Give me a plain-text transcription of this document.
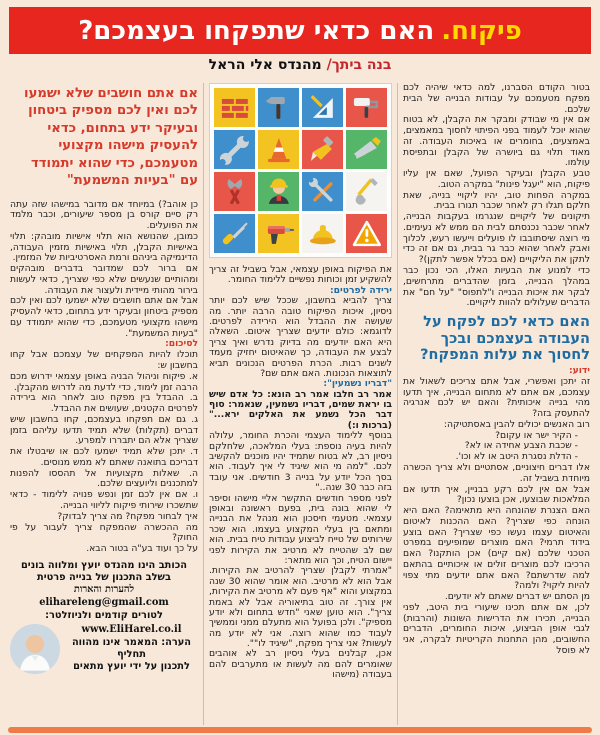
פיקוח.
האם כדאי שתפקחו בעצמכם?
בנה ביתך/ מהנדס אלי הראל

בטור הקודם הסברנו, למה כדאי שיהיה לכם מפקח מטעמכם על עבודות הבנייה של הבית שלכם.

אם אין מי שבודק ומבקר את הקבלן, לא בטוח שהוא יוכל לעמוד בפני הפיתוי לחסוך במאמצים, באמצעים, בחומרים או באיכות העבודה. זה מאוד תלוי גם ביושרה של הקבלן ובתפיסת עולמו.

טבע הקבלן ובעיקר הפועל, שאם אין עליו פיקוח, הוא "יעגל פינות" במקרה הטוב.

במקרה הפחות טוב, יהיו ליקויי בנייה, שאת חלקם תגלו רק לאחר שכבר תגורו בבית.

תיקונים של ליקויים שנגרמו בעקבות הבנייה, לאחר שכבר נכנסתם לבית הם ממש לא נעימים. מי רוצה שיסתובבו לו פועלים וייעשו רעש, לכלוך ואבק לאחר שהוא כבר גר בבית, גם אם זה כדי לתקן את הליקויים (אם בכלל אפשר לתקן)?

כדי למנוע את הבעיות האלו, הכי נכון כבר במהלך הבנייה, בזמן שהדברים מתרחשים, לבקר את איכות הבנייה ו"לתפוס" "על חם" את הדברים שעלולים להוות ליקויים.

האם כדאי לכם לפקח על העבודה בעצמכם ובכך לחסוך את עלות המפקח?

ידוע:

זה יתכן ואפשרי, אבל אתם צריכים לשאול את עצמכם, אם אתם לא מתחום הבנייה, איך תדעו מהי בנייה איכותית? והאם יש לכם אנרגיה להתעסק בזה?

רוב האנשים יכולים להבין באסתטיקה:

- הקיר ישר או עקום?

- שכבת הצבע אחידה או לא?

- הדלת נסגרת היטב או לא וכו'.

אלו דברים חיצוניים, אסתטיים ולא צריך הכשרה מיוחדת בשביל זה.

אבל אם אין לכם רקע בבניין, איך תדעו אם המלאכות שבוצעו, אכן בוצעו נכון?

האם הצנרת שהונחה היא מתאימה? האם היא הונחה כפי שצריך? האם ההכנות לאיטום והאיטום עצמו נעשו כפי שצריך? האם בוצע בידוד תרמי? האם מוצרים שמופיעים במפרט הטכני שלכם (אם קיים) אכן הותקנו? האם הרכיבו לכם מוצרים זולים או איכותיים בהתאם למה שדרשתם? האם אתם יודעים מתי צפוי להיות ליקוי? ולמה?

מן הסתם יש דברים שאתם לא יודעים.

לכן, אם אתם תכינו שיעורי בית היטב, לפני הבנייה, תכירו את הדרישות השונות (והרבות) לגבי אופן הביצוע, איכות החומרים, הדברים החשובים, מהן התחנות הקריטיות לבקרה, אני לא פוסל

את הפיקוח באופן עצמאי, אבל בשביל זה צריך להשקיע זמן וכוחות נפשיים ללימוד החומר.

ירידה לפרטים:

צריך להביא בחשבון, שככל שיש לכם יותר ניסיון, איכות הפיקוח טובה הרבה יותר. מה שעושה את ההבדל הוא הירידה לפרטים. לדוגמא: כולם יודעים שצריך איטום. השאלה היא האם יודעים מה בדיוק נדרש ואיך צריך לבצע את העבודה, כך שהאיטום יחזיק מעמד לשנים רבות. הכרת הפרטים הנכונים תביא לתוצאות הנכונות. האם אתם שם?

"דבריו נשמעין":

אמר רב חלבו אמר רב הונא: כל אדם שיש בו יראת שמים, דבריו נשמעין, שנאמר: סוף דבר הכל נשמע את האלקים ירא..." (ברכות ו:)

בנוסף ללימוד העצמי והכרת החומר, עלולה להיות בעיה נוספת: בעלי המלאכה, שלחלקם ניסיון רב, לא בטוח שתמיד יהיו מוכנים להקשיב לכם. "למה מי הוא שיגיד לי איך לעבוד. הוא בסך הכל יודע על בנייה 3 חודשים. אני עובד בזה כבר 30 שנה.."

לפני מספר חודשים התקשר אליי מישהו וסיפר לי שהוא בונה בית, בפעם ראשונה ובאופן עצמאי. מטעמי חיסכון הוא מנהל את הבנייה ומתאם בין בעלי המקצוע בעצמו. הוא שכר שירותים של טייח לביצוע עבודות טיח בבית. הוא שם לב שהטייח לא מרטיב את הקירות לפני יישום הטיח, וכך הוא מתאר:

"אמרתי לקבלן שצריך להרטיב את הקירות. אבל הוא לא מרטיב. הוא אומר שהוא 30 שנה במקצוע והוא "אף פעם לא מרטיב את הקירות, אין צורך. זה טוב בתיאוריה אבל לא באמת צריך". הוא טוען שאני "חדש בתחום ולא יודע מספיק". ולכן בפועל הוא מתעלם ממני וממשיך לעבוד כמו שהוא רוצה. אני לא יודע מה לעשות? אני צריך מפקח, "שיגיד לו"".

אכן, קבלנים בעלי ניסיון רב לא אוהבים שאומרים להם מה לעשות או מתערבים להם בעבודה (מישהו

אם אתם חושבים שלא ישמעו לכם ואין לכם מספיק ביטחון ובעיקר ידע בתחום, כדאי להעסיק מישהו מקצועי מטעמכם, כדי שהוא יתמודד עם "בעיות המשמעת"

כן אוהב?) במיוחד אם מדובר במישהו שזה עתה רק סיים קורס בן מספר שיעורים, וכבר מלמד את הפועלים.

כמובן, שהנושא הוא תלוי אישיות מובהק: תלוי באישיות הקבלן, תלוי באישיות מזמין העבודה, הדינמיקה ביניהם ורמת האסרטיביות של המזמין.

אם ברור לכם שמדובר בדברים מובהקים ומהותיים שנעשים שלא כפי שצריך, כדאי לעשות בירור מהותי מיידית ולעצור את העבודה.

אבל אם אתם חושבים שלא ישמעו לכם ואין לכם מספיק ביטחון ובעיקר ידע בתחום, כדאי להעסיק מישהו מקצועי מטעמכם, כדי שהוא יתמודד עם "בעיות המשמעת".

לסיכום:

תוכלו להיות המפקחים של עצמכם אבל קחו בחשבון ש:

א. פיקוח וניהול הבניה באופן עצמאי ידרוש מכם הרבה זמן לימוד, כדי לדעת מה לדרוש מהקבלן.

ב. ההבדל בין מפקח טוב לאחר הוא בירידה לפרטים הקטנים, שעושים את ההבדל.

ג. גם אם תפקחו בעצמכם, קחו בחשבון שיש דברים (תקלות) שלא תמיד תדעו עליהם בזמן שצריך אלא הם יתבררו למפרע.

ד. יתכן שלא תמיד ישמעו לכם או שיבטלו את דבריכם בתואנה שאתם לא ממש מנוסים.

ה. שאלות מקצועיות אל תהססו להפנות למתכננים וליועצים שלכם.

ו. אם אין לכם זמן ונפש פנויה ללימוד - כדאי שתשכרו שירותי פיקוח לליווי הבנייה.

איך לבחור מפקח? מה צריך לבדוק?

מה ההכשרה שהמפקח צריך לעבור על פי החוק?

על כך ועוד בע"ה בטור הבא.

הכותב הינו מהנדס יועץ ומלווה בונים
בשלב התכנון של בנייה פרטית
להערות והארות elihareleng@gmail.com
לטורים קודמים ולניוזלטר:
www.EliHarel.co.il
הערה: המאמר אינו מהווה תחליף
לתכנון על ידי יועץ מתאים
